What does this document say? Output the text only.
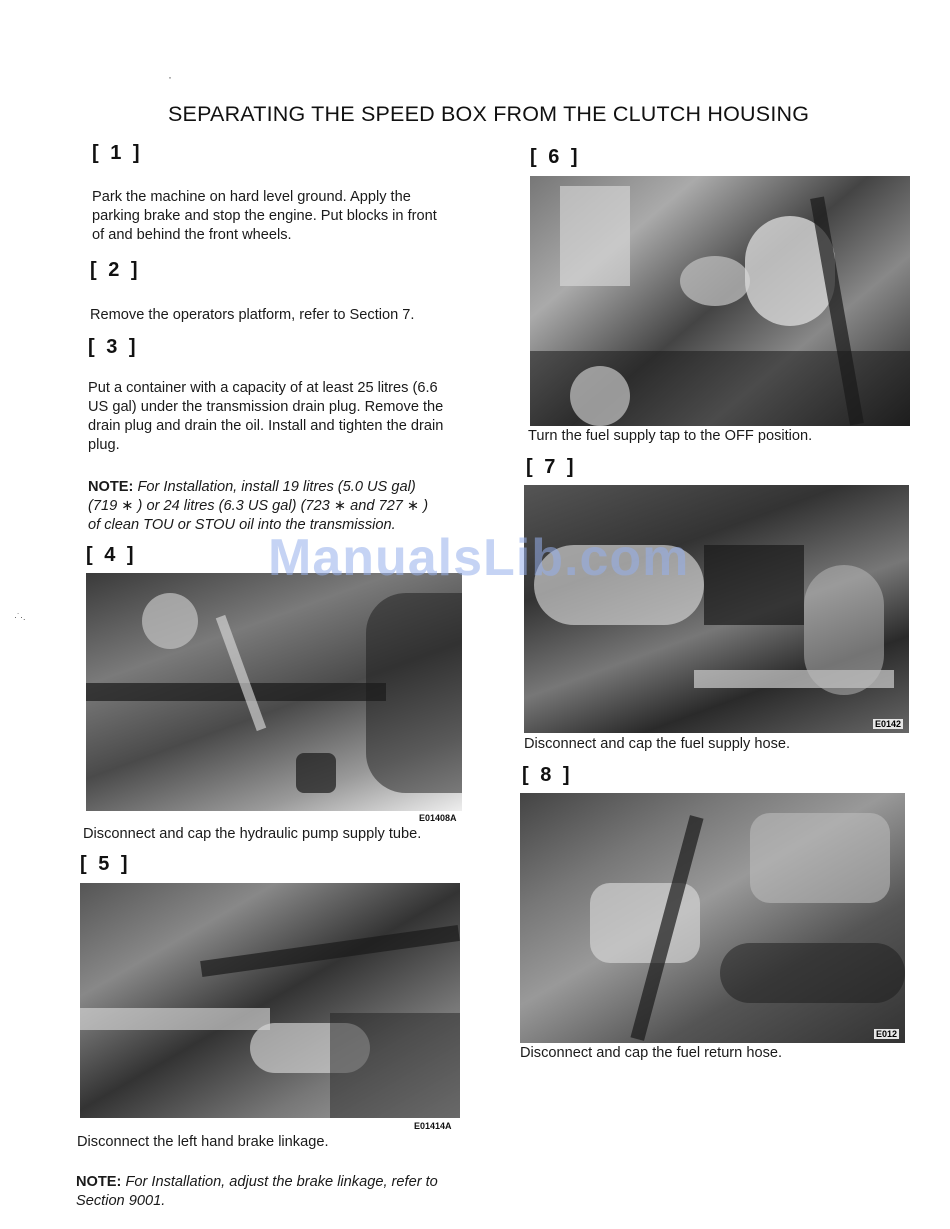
·
·˙·.
SEPARATING THE SPEED BOX FROM THE CLUTCH HOUSING
[ 1 ]
Park the machine on hard level ground. Apply the
parking brake and stop the engine. Put blocks in front
of and behind the front wheels.
[ 2 ]
Remove the operators platform, refer to Section 7.
[ 3 ]
Put a container with a capacity of at least 25 litres (6.6
US gal) under the transmission drain plug. Remove the
drain plug and drain the oil. Install and tighten the drain
plug.
NOTE: For Installation, install 19 litres (5.0 US gal)
(719 ∗ ) or 24 litres (6.3 US gal) (723 ∗ and 727 ∗ )
of clean TOU or STOU oil into the transmission.
[ 4 ]
E01408A
Disconnect and cap the hydraulic pump supply tube.
[ 5 ]
E01414A
Disconnect the left hand brake linkage.
NOTE: For Installation, adjust the brake linkage, refer to
Section 9001.
[ 6 ]
Turn the fuel supply tap to the OFF position.
[ 7 ]
E0142
Disconnect and cap the fuel supply hose.
[ 8 ]
E012
Disconnect and cap the fuel return hose.
ManualsLib.com
